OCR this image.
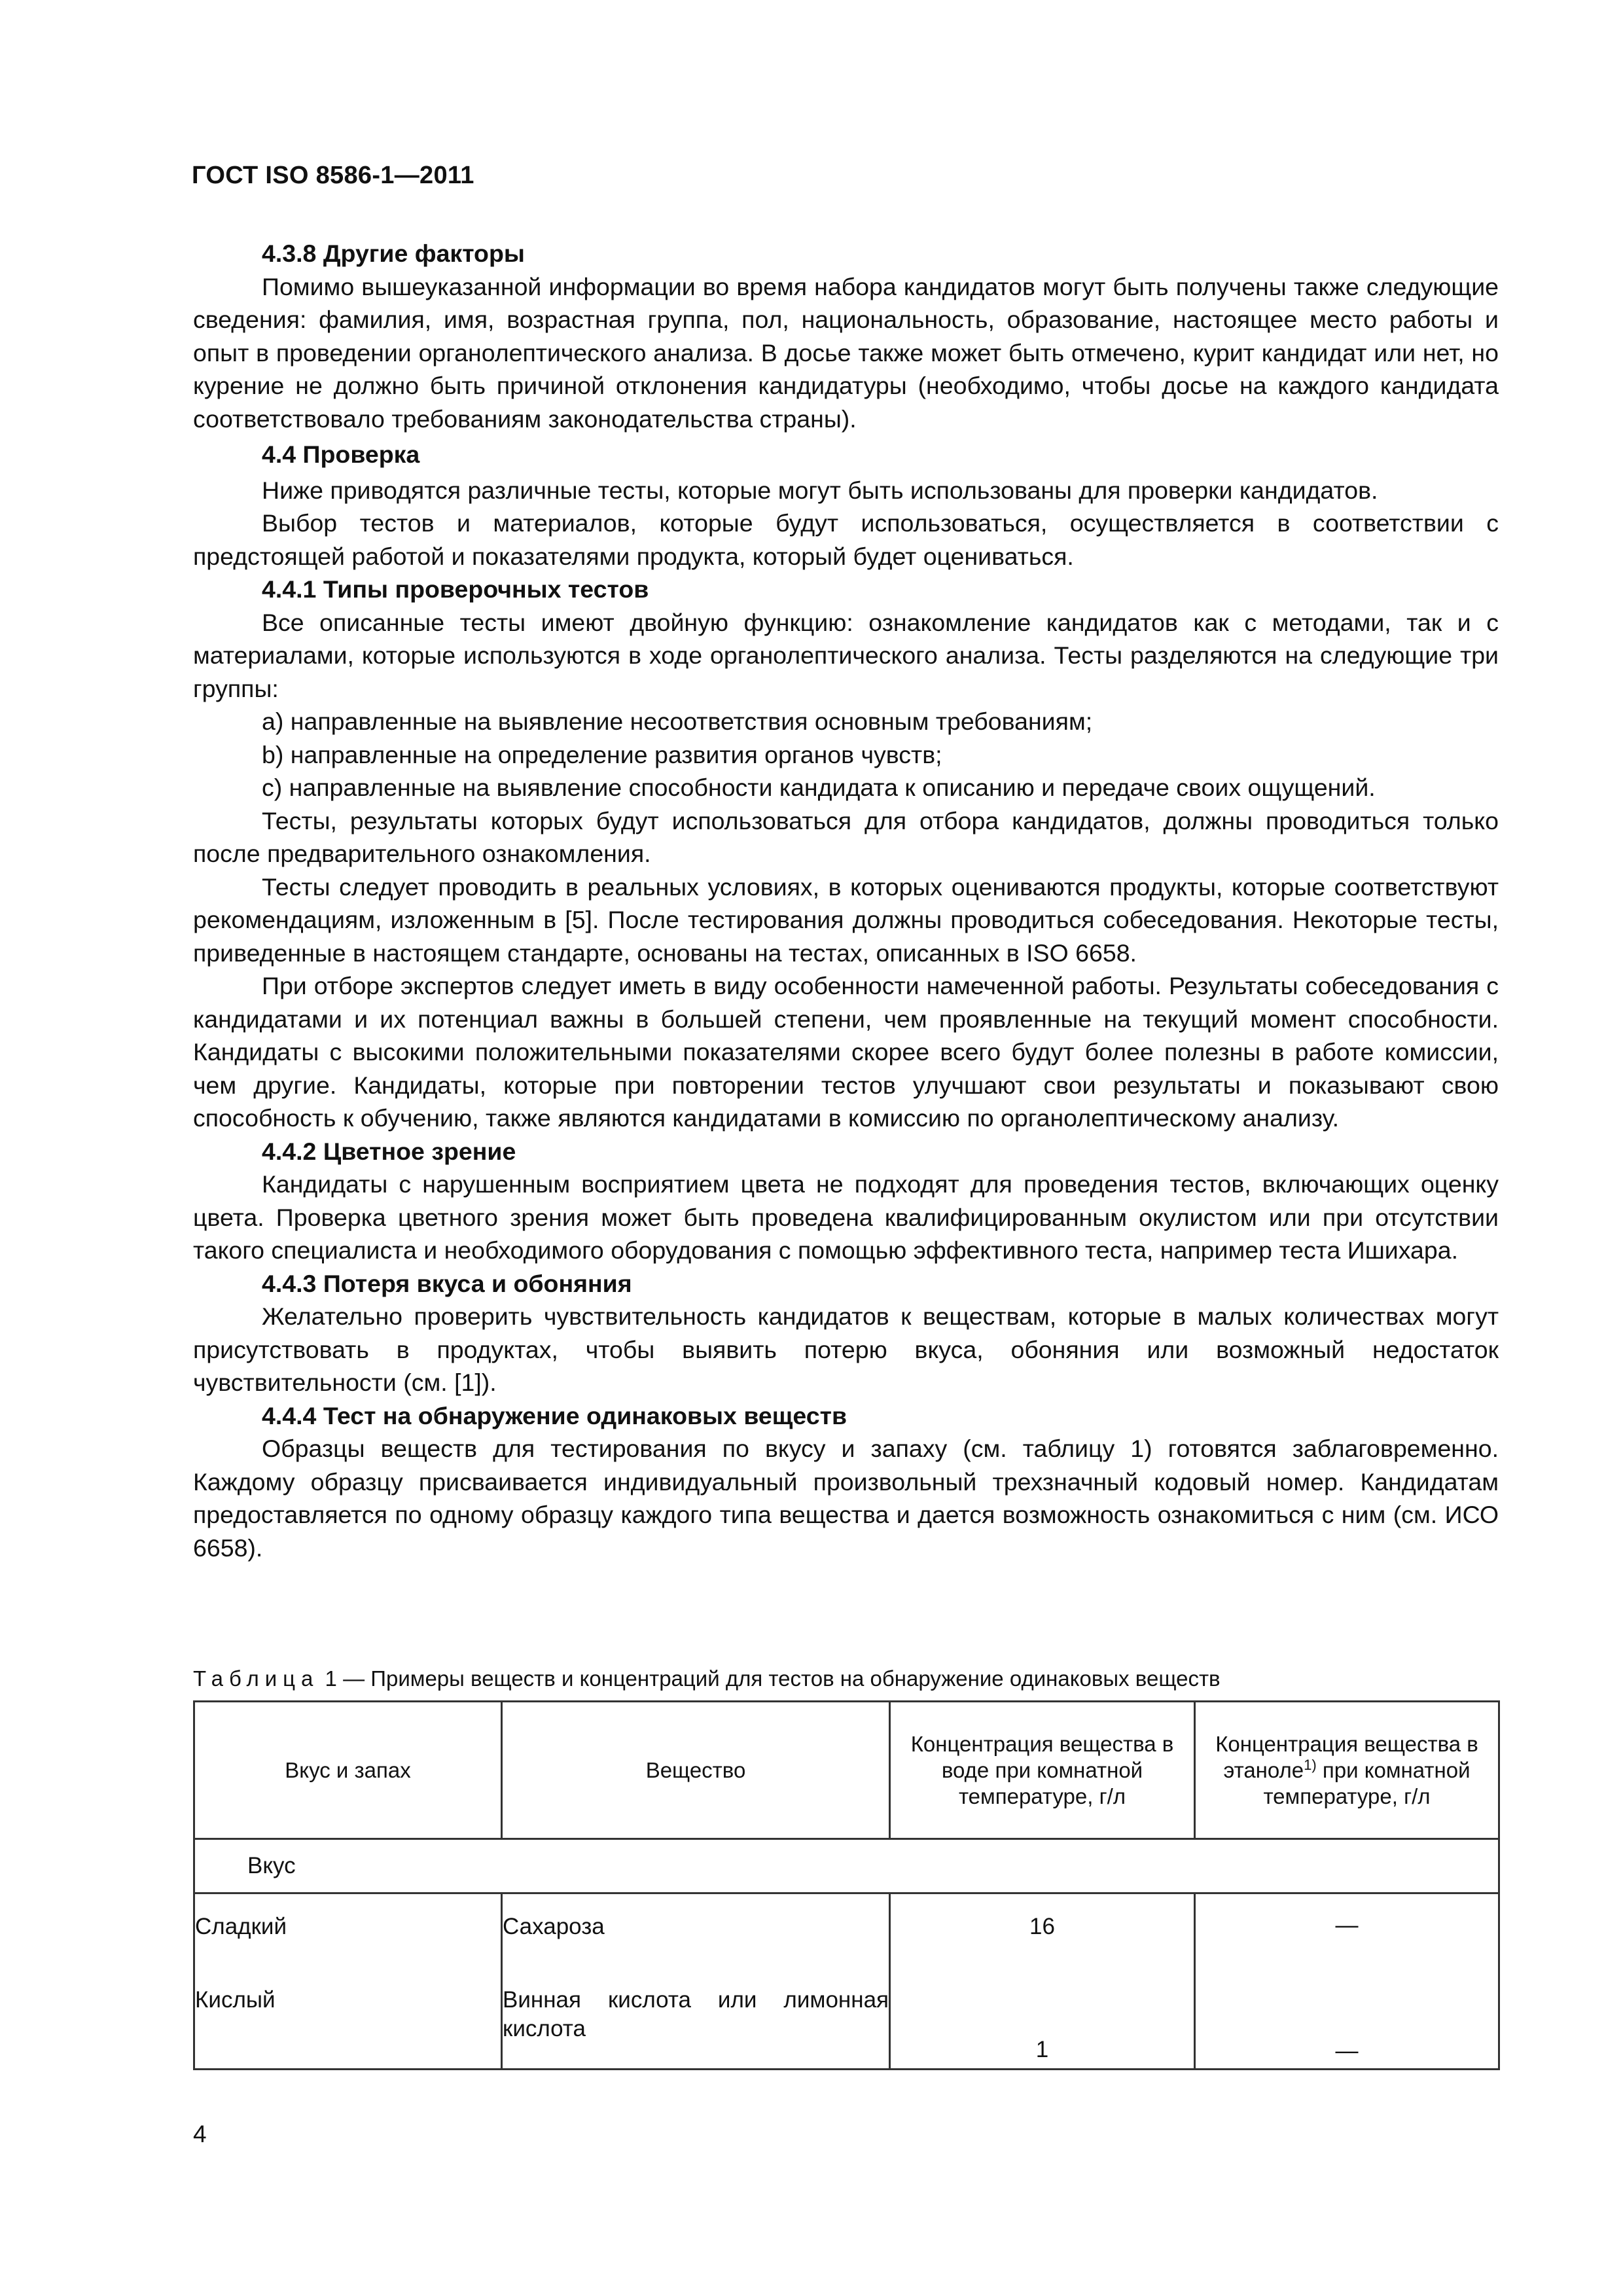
ГОСТ ISO 8586-1—2011
4.3.8 Другие факторы

Помимо вышеуказанной информации во время набора кандидатов могут быть получены также следующие сведения: фамилия, имя, возрастная группа, пол, национальность, образование, настоящее место работы и опыт в проведении органолептического анализа. В досье также может быть отмечено, курит кандидат или нет, но курение не должно быть причиной отклонения кандидатуры (необходимо, чтобы досье на каждого кандидата соответствовало требованиям законодательства страны).

4.4 Проверка

Ниже приводятся различные тесты, которые могут быть использованы для проверки кандидатов.

Выбор тестов и материалов, которые будут использоваться, осуществляется в соответствии с предстоящей работой и показателями продукта, который будет оцениваться.

4.4.1 Типы проверочных тестов

Все описанные тесты имеют двойную функцию: ознакомление кандидатов как с методами, так и с материалами, которые используются в ходе органолептического анализа. Тесты разделяются на следующие три группы:

a) направленные на выявление несоответствия основным требованиям;

b) направленные на определение развития органов чувств;

c) направленные на выявление способности кандидата к описанию и передаче своих ощущений.

Тесты, результаты которых будут использоваться для отбора кандидатов, должны проводиться только после предварительного ознакомления.

Тесты следует проводить в реальных условиях, в которых оцениваются продукты, которые соответствуют рекомендациям, изложенным в [5]. После тестирования должны проводиться собеседования. Некоторые тесты, приведенные в настоящем стандарте, основаны на тестах, описанных в ISO 6658.

При отборе экспертов следует иметь в виду особенности намеченной работы. Результаты собеседования с кандидатами и их потенциал важны в большей степени, чем проявленные на текущий момент способности. Кандидаты с высокими положительными показателями скорее всего будут более полезны в работе комиссии, чем другие. Кандидаты, которые при повторении тестов улучшают свои результаты и показывают свою способность к обучению, также являются кандидатами в комиссию по органолептическому анализу.

4.4.2 Цветное зрение

Кандидаты с нарушенным восприятием цвета не подходят для проведения тестов, включающих оценку цвета. Проверка цветного зрения может быть проведена квалифицированным окулистом или при отсутствии такого специалиста и необходимого оборудования с помощью эффективного теста, например теста Ишихара.

4.4.3 Потеря вкуса и обоняния

Желательно проверить чувствительность кандидатов к веществам, которые в малых количествах могут присутствовать в продуктах, чтобы выявить потерю вкуса, обоняния или возможный недостаток чувствительности (см. [1]).

4.4.4 Тест на обнаружение одинаковых веществ

Образцы веществ для тестирования по вкусу и запаху (см. таблицу 1) готовятся заблаговременно. Каждому образцу присваивается индивидуальный произвольный трехзначный кодовый номер. Кандидатам предоставляется по одному образцу каждого типа вещества и дается возможность ознакомиться с ним (см. ИСО 6658).

Таблица 1 — Примеры веществ и концентраций для тестов на обнаружение одинаковых веществ
Вкус и запах	Вещество	Концентрация вещества в воде при комнатной температуре, г/л	Концентрация вещества в этаноле$^{1)}$ при комнатной температуре, г/л

Вкус			
Сладкий	Сахароза	16	—
Кислый	Винная кислота или лимонная кислота	1	—
4
